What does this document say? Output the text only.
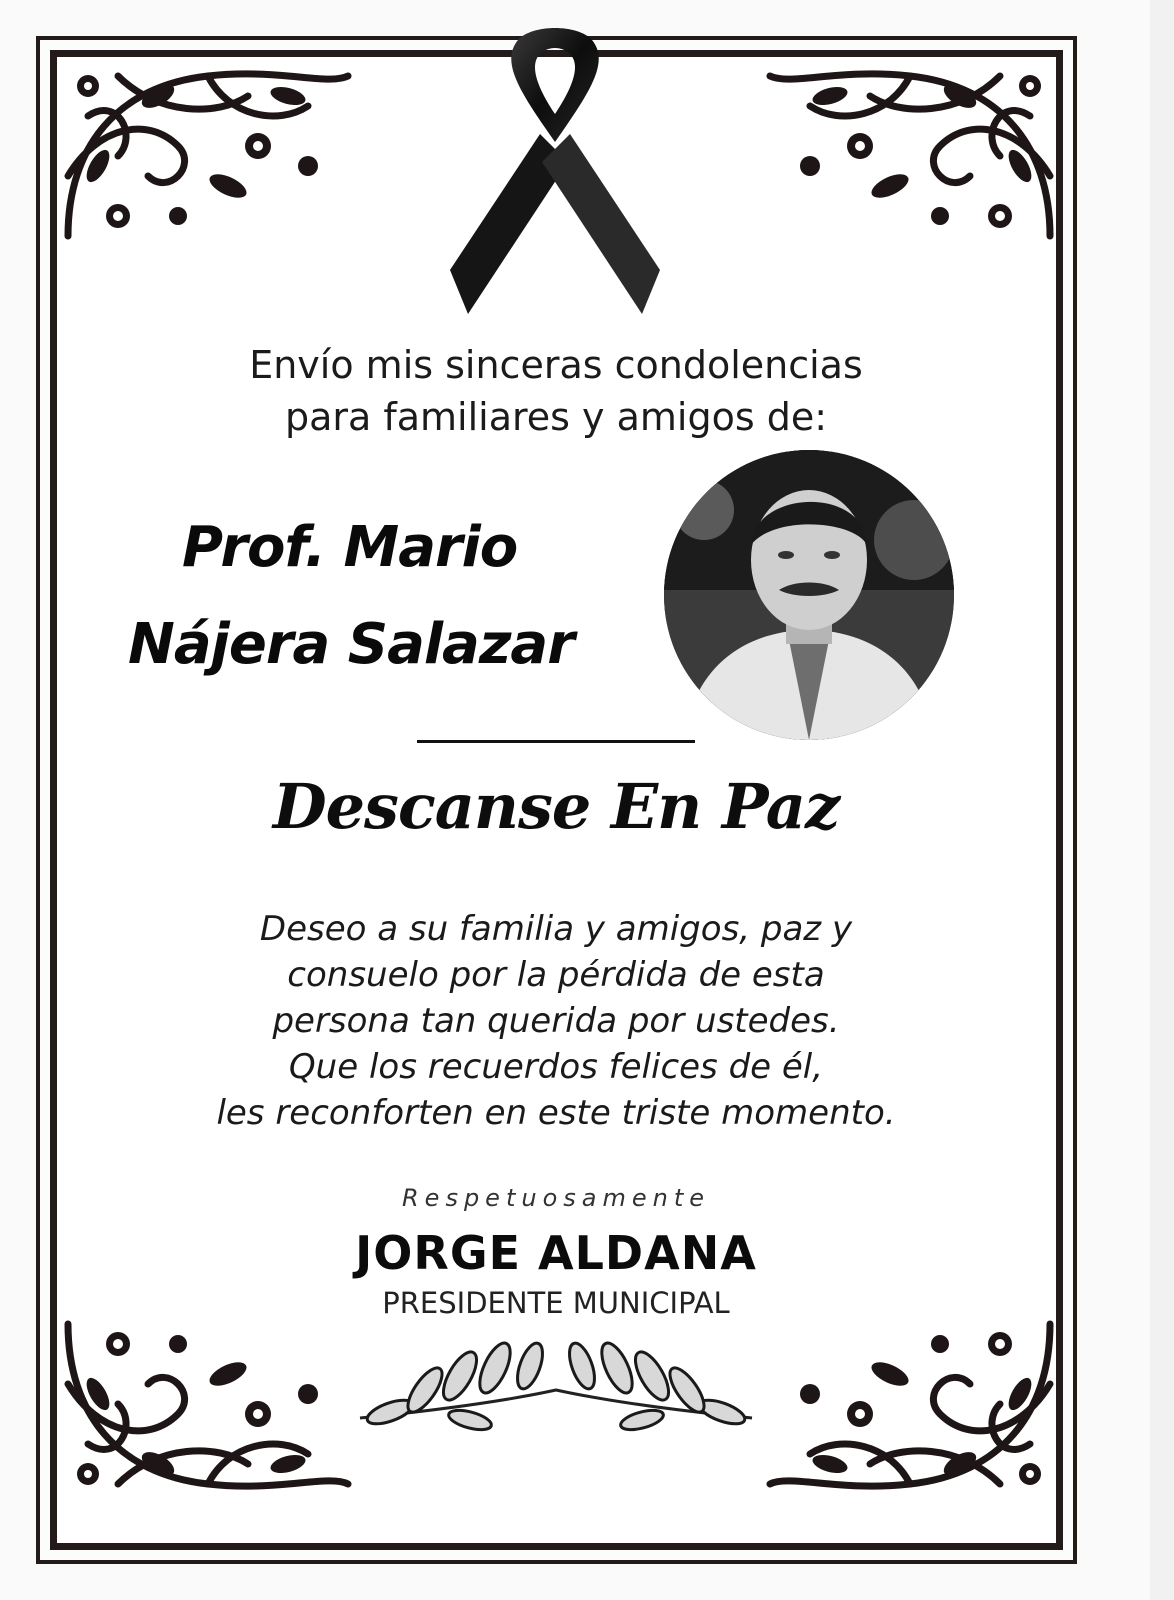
Envío mis sinceras condolencias
para familiares y amigos de:
Prof. Mario
Nájera Salazar
Descanse En Paz
Deseo a su familia y amigos, paz y
consuelo por la pérdida de esta
persona tan querida por ustedes.
Que los recuerdos felices de él,
les reconforten en este triste momento.
Respetuosamente
JORGE ALDANA
PRESIDENTE MUNICIPAL
